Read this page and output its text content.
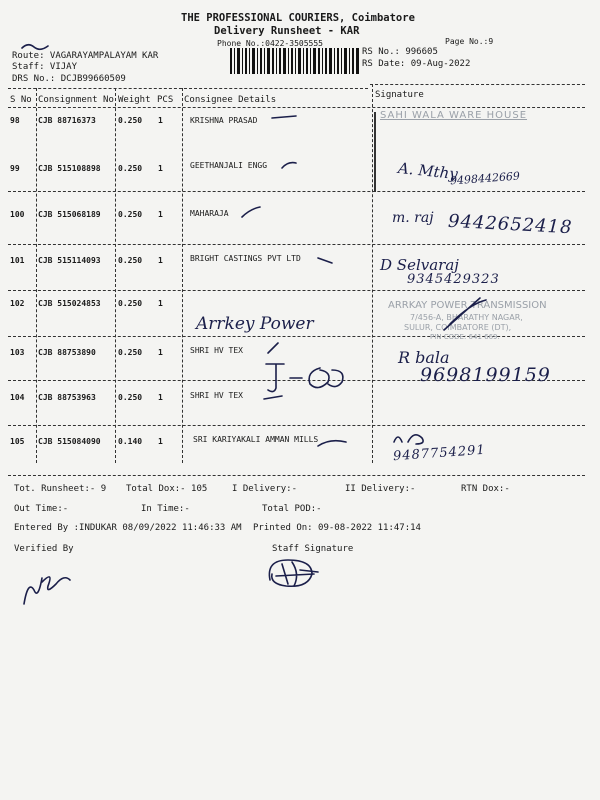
THE PROFESSIONAL COURIERS, Coimbatore
Delivery Runsheet - KAR
Phone No.:0422-3505555	Page No.:9
Route: VAGARAYAMPALAYAM KAR
Staff: VIJAY
DRS No.: DCJB99660509
RS No.: 996605
RS Date: 09-Aug-2022
S No Consignment No Weight PCS Consignee Details	Signature
98 CJB 88716373	0.250 1	KRISHNA PRASAD
99 CJB 515108898 0.250 1	GEETHANJALI ENGG
100 CJB 515068189 0.250 1	MAHARAJA
101 CJB 515114093 0.250 1	BRIGHT CASTINGS PVT LTD
102 CJB 515024853 0.250 1
103 CJB 88753890	0.250 1	SHRI HV TEX
104 CJB 88753963	0.250 1	SHRI HV TEX
105 CJB 515084090 0.140 1	SRI KARIYAKALI AMMAN MILLS
SAHI WALA WARE HOUSE
A. Mthy
9498442669
m. raj 9442652418
D Selvaraj
9345429323
Arrkey Power
ARRKAY POWER TRANSMISSION
7/456-A, BHARATHY NAGAR,
SULUR, COIMBATORE (DT),
PIN CODE: 641 669.
R bala
9698199159
9487754291
Tot. Runsheet:- 9 Total Dox:- 105	I Delivery:-	II Delivery:-	RTN Dox:-
Out Time:-	In Time:-	Total POD:-
Entered By :INDUKAR 08/09/2022 11:46:33 AM Printed On: 09-08-2022 11:47:14
Verified By	Staff Signature
